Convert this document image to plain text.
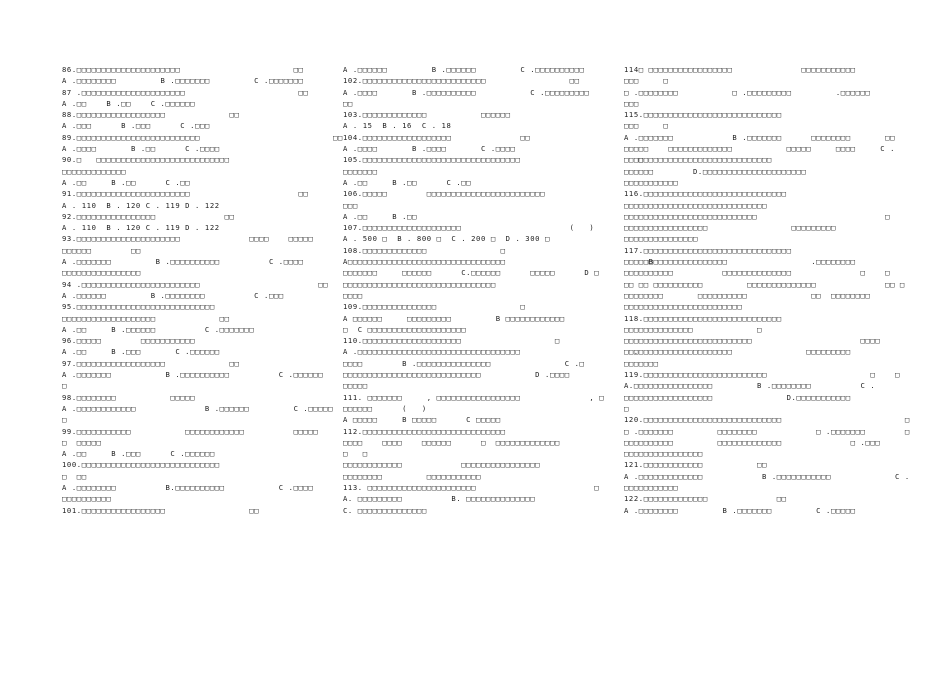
86.□□□□□□□□□□□□□□□□□□□□□                       □□
A .□□□□□□□□         B .□□□□□□□         C .□□□□□□□
87 .□□□□□□□□□□□□□□□□□□□□□                       □□
A .□□    B .□□    C .□□□□□□
88.□□□□□□□□□□□□□□□□□□             □□
A .□□□      B .□□□      C .□□□
89.□□□□□□□□□□□□□□□□□□□□□□□□□                           □□
A .□□□□       B .□□      C .□□□□
90.□   □□□□□□□□□□□□□□□□□□□□□□□□□□□
□□□□□□□□□□□□□
A .□□     B .□□      C .□□
91.□□□□□□□□□□□□□□□□□□□□□□□                      □□
A . 110  B . 120 C . 119 D . 122
92.□□□□□□□□□□□□□□□□              □□
A . 110  B . 120 C . 119 D . 122
93.□□□□□□□□□□□□□□□□□□□□□              □□□□    □□□□□
□□□□□□        □□
A .□□□□□□□         B .□□□□□□□□□□          C .□□□□
□□□□□□□□□□□□□□□□
94 .□□□□□□□□□□□□□□□□□□□□□□□□                        □□
A .□□□□□□         B .□□□□□□□□          C .□□□
95.□□□□□□□□□□□□□□□□□□□□□□□□□□□□
□□□□□□□□□□□□□□□□□□□             □□
A .□□     B .□□□□□□          C .□□□□□□□
96.□□□□□        □□□□□□□□□□□
A .□□     B .□□□       C .□□□□□□
97.□□□□□□□□□□□□□□□□□□             □□
A .□□□□□□□           B .□□□□□□□□□□          C .□□□□□□
□
98.□□□□□□□□           □□□□□
A .□□□□□□□□□□□□              B .□□□□□□         C .□□□□□
□
99.□□□□□□□□□□□           □□□□□□□□□□□□          □□□□□
□  □□□□□
A .□□     B .□□□      C .□□□□□□
100.□□□□□□□□□□□□□□□□□□□□□□□□□□□□
□  □□
A .□□□□□□□□          B.□□□□□□□□□□           C .□□□□
□□□□□□□□□□
101.□□□□□□□□□□□□□□□□□                 □□
A .□□□□□□         B .□□□□□□         C .□□□□□□□□□□
102.□□□□□□□□□□□□□□□□□□□□□□□□□                 □□
A .□□□□       B .□□□□□□□□□□           C .□□□□□□□□□
□□
103.□□□□□□□□□□□□□           □□□□□□
A . 15  B . 16  C . 18
104.□□□□□□□□□□□□□□□□□□              □□
A .□□□□       B .□□□□       C .□□□□
105.□□□□□□□□□□□□□□□□□□□□□□□□□□□□□□□□                        □
□□□□□□□
A .□□     B .□□      C .□□
106.□□□□□        □□□□□□□□□□□□□□□□□□□□□□□□
□□□
A .□□     B .□□
107.□□□□□□□□□□□□□□□□□□□□                      (   )
A . 500 □  B . 800 □  C . 200 □  D . 300 □
108.□□□□□□□□□□□□□               □
A□□□□□□□□□□□□□□□□□□□□□□□□□□□□□□□□                             B
□□□□□□□     □□□□□□      C.□□□□□□      □□□□□      D □
□□□□□□□□□□□□□□□□□□□□□□□□□□□□□□□
□□□□
109.□□□□□□□□□□□□□□□                 □
A □□□□□□     □□□□□□□□□         B □□□□□□□□□□□□
□  C □□□□□□□□□□□□□□□□□□□□
110.□□□□□□□□□□□□□□□□□□□□                   □
A .□□□□□□□□□□□□□□□□□□□□□□□□□□□□□□□□□                       .
□□□□        B .□□□□□□□□□□□□□□□               C .□
□□□□□□□□□□□□□□□□□□□□□□□□□□□□           D .□□□□
□□□□□
111. □□□□□□□     , □□□□□□□□□□□□□□□□□              , □
□□□□□□      (   )
A □□□□□     B □□□□□      C □□□□□
112.□□□□□□□□□□□□□□□□□□□□□□□□□□□□□
□□□□    □□□□    □□□□□□      □  □□□□□□□□□□□□□
□   □
□□□□□□□□□□□□            □□□□□□□□□□□□□□□□
□□□□□□□□         □□□□□□□□□□□
113. □□□□□□□□□□□□□□□□□□□□□□                        □
A. □□□□□□□□□          B. □□□□□□□□□□□□□□
C. □□□□□□□□□□□□□□
114□ □□□□□□□□□□□□□□□□□              □□□□□□□□□□□
□□□     □
□ .□□□□□□□□           □ .□□□□□□□□□         .□□□□□□
□□□
115.□□□□□□□□□□□□□□□□□□□□□□□□□□□□
□□□     □
A .□□□□□□□            B .□□□□□□□      □□□□□□□□       □□
□□□□□    □□□□□□□□□□□□□           □□□□□     □□□□     C .
□□□□□□□□□□□□□□□□□□□□□□□□□□□□□□
□□□□□□        D.□□□□□□□□□□□□□□□□□□□□□
□□□□□□□□□□□
116.□□□□□□□□□□□□□□□□□□□□□□□□□□□□□
□□□□□□□□□□□□□□□□□□□□□□□□□□□□□
□□□□□□□□□□□□□□□□□□□□□□□□□□□                          □
□□□□□□□□□□□□□□□□□                 □□□□□□□□□
□□□□□□□□□□□□□□□
117.□□□□□□□□□□□□□□□□□□□□□□□□□□□□□□
□□□□□□□□□□□□□□□□□□□□□                 .□□□□□□□□
□□□□□□□□□□          □□□□□□□□□□□□□□              □    □
□□ □□ □□□□□□□□□□         □□□□□□□□□□□□□□              □□ □
□□□□□□□□       □□□□□□□□□□             □□  □□□□□□□□
□□□□□□□□□□□□□□□□□□□□□□□□
118.□□□□□□□□□□□□□□□□□□□□□□□□□□□□
□□□□□□□□□□□□□□             □
□□□□□□□□□□□□□□□□□□□□□□□□□□                      □□□□
□□□□□□□□□□□□□□□□□□□□□□               □□□□□□□□□
□□□□□□□
119.□□□□□□□□□□□□□□□□□□□□□□□□□                     □    □
A.□□□□□□□□□□□□□□□□         B .□□□□□□□□          C .
□□□□□□□□□□□□□□□□□□               D.□□□□□□□□□□□
□
120.□□□□□□□□□□□□□□□□□□□□□□□□□□□□                         □
□ .□□□□□□□         □□□□□□□□            □ .□□□□□□□        □
□□□□□□□□□□         □□□□□□□□□□□□□              □ .□□□
□□□□□□□□□□□□□□□□
121.□□□□□□□□□□□□           □□
A .□□□□□□□□□□□□□            B .□□□□□□□□□□□             C .
□□□□□□□□□□□
122.□□□□□□□□□□□□□              □□
A .□□□□□□□□         B .□□□□□□□         C .□□□□□
